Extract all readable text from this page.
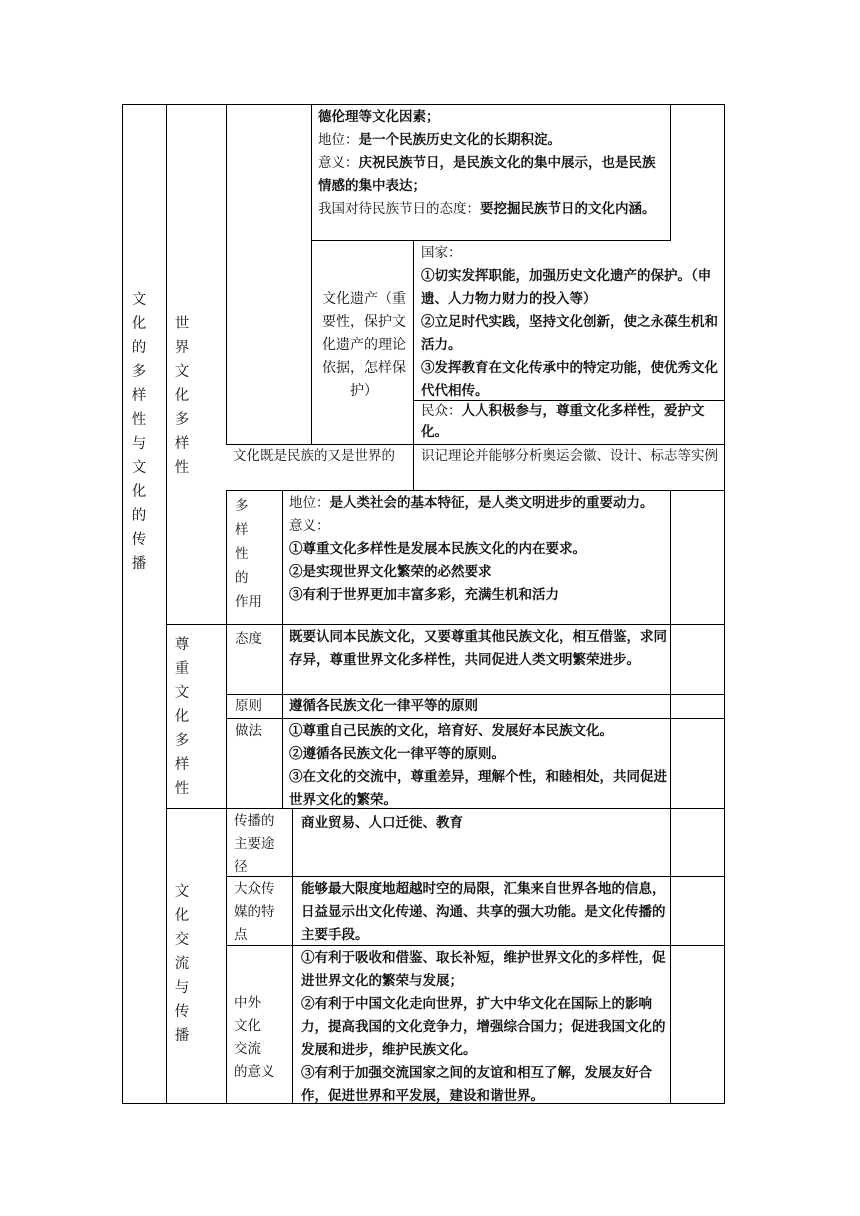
文
化
的
多
样
性
与
文
化
的
传
播
世
界
文
化
多
样
性
尊
重
文
化
多
样
性
文
化
交
流
与
传
播
德伦理等文化因素；
地位：是一个民族历史文化的长期积淀。
意义：庆祝民族节日，是民族文化的集中展示，也是民族情感的集中表达；
我国对待民族节日的态度：要挖掘民族节日的文化内涵。
文化遗产（重要性，保护文化遗产的理论依据，怎样保护）
国家：
①切实发挥职能，加强历史文化遗产的保护。（申遗、人力物力财力的投入等）
②立足时代实践，坚持文化创新，使之永葆生机和活力。
③发挥教育在文化传承中的特定功能，使优秀文化代代相传。
民众：人人积极参与，尊重文化多样性，爱护文化。
文化既是民族的又是世界的	识记理论并能够分析奥运会徽、设计、标志等实例
多
样
性
的
作用
地位：是人类社会的基本特征，是人类文明进步的重要动力。
意义：
①尊重文化多样性是发展本民族文化的内在要求。
②是实现世界文化繁荣的必然要求
③有利于世界更加丰富多彩，充满生机和活力
态度 既要认同本民族文化，又要尊重其他民族文化，相互借鉴，求同存异，尊重世界文化多样性，共同促进人类文明繁荣进步。
原则 遵循各民族文化一律平等的原则
做法 ①尊重自己民族的文化，培育好、发展好本民族文化。
②遵循各民族文化一律平等的原则。
③在文化的交流中，尊重差异，理解个性，和睦相处，共同促进世界文化的繁荣。
传播的
主要途
径
商业贸易、人口迁徙、教育
大众传
媒的特
点
能够最大限度地超越时空的局限，汇集来自世界各地的信息，日益显示出文化传递、沟通、共享的强大功能。是文化传播的主要手段。
中外
文化
交流
的意义
①有利于吸收和借鉴、取长补短，维护世界文化的多样性，促进世界文化的繁荣与发展；
②有利于中国文化走向世界，扩大中华文化在国际上的影响力，提高我国的文化竞争力，增强综合国力；促进我国文化的发展和进步，维护民族文化。
③有利于加强交流国家之间的友谊和相互了解，发展友好合作，促进世界和平发展，建设和谐世界。
